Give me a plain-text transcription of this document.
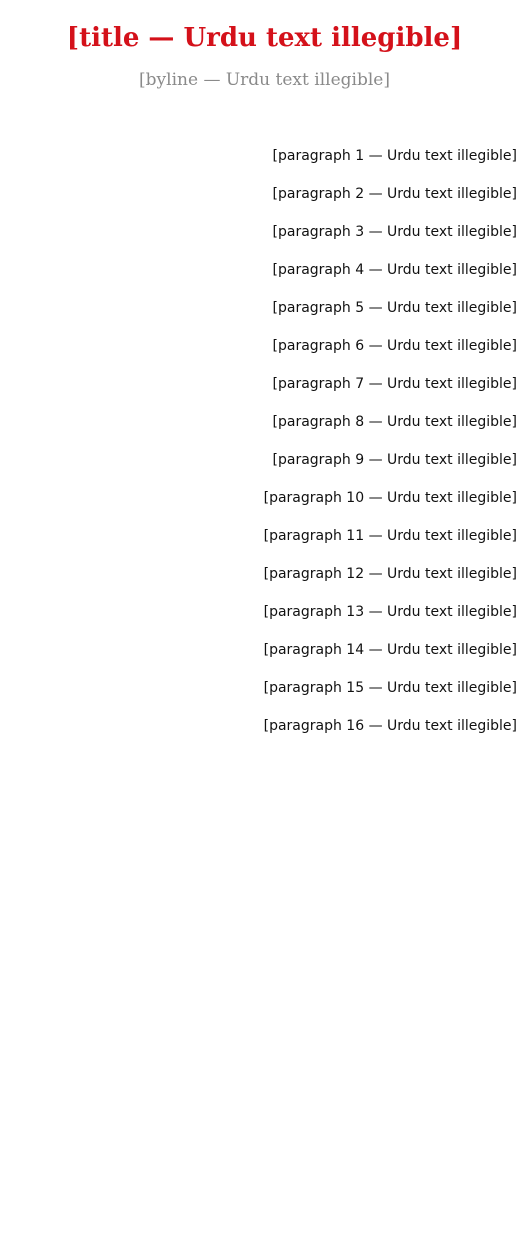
[title — Urdu text illegible]
[byline — Urdu text illegible]

[paragraph 1 — Urdu text illegible]

[paragraph 2 — Urdu text illegible]

[paragraph 3 — Urdu text illegible]

[paragraph 4 — Urdu text illegible]

[paragraph 5 — Urdu text illegible]

[paragraph 6 — Urdu text illegible]

[paragraph 7 — Urdu text illegible]

[paragraph 8 — Urdu text illegible]

[paragraph 9 — Urdu text illegible]

[paragraph 10 — Urdu text illegible]

[paragraph 11 — Urdu text illegible]

[paragraph 12 — Urdu text illegible]

[paragraph 13 — Urdu text illegible]

[paragraph 14 — Urdu text illegible]

[paragraph 15 — Urdu text illegible]

[paragraph 16 — Urdu text illegible]
